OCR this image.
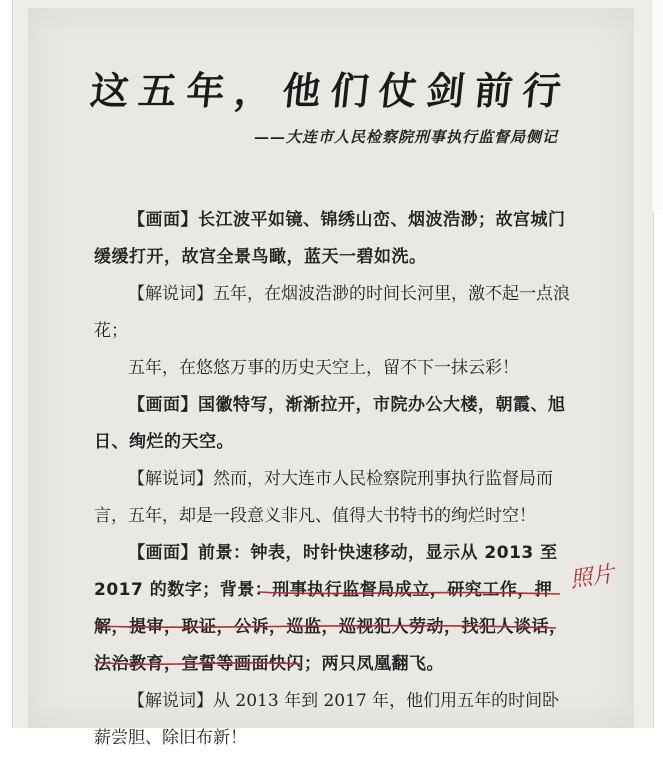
这五年，他们仗剑前行
——大连市人民检察院刑事执行监督局侧记

【画面】长江波平如镜、锦绣山峦、烟波浩渺；故宫城门缓缓打开，故宫全景鸟瞰，蓝天一碧如洗。

【解说词】五年，在烟波浩渺的时间长河里，激不起一点浪花；

五年，在悠悠万事的历史天空上，留不下一抹云彩！

【画面】国徽特写，渐渐拉开，市院办公大楼，朝霞、旭日、绚烂的天空。

【解说词】然而，对大连市人民检察院刑事执行监督局而言，五年，却是一段意义非凡、值得大书特书的绚烂时空！

【画面】前景：钟表，时针快速移动，显示从 2013 至 2017 的数字；背景：刑事执行监督局成立，研究工作，押解，提审，取证，公诉，巡监，巡视犯人劳动，找犯人谈话，法治教育，宣誓等画面快闪；两只凤凰翻飞。

【解说词】从 2013 年到 2017 年，他们用五年的时间卧薪尝胆、除旧布新！

照片
